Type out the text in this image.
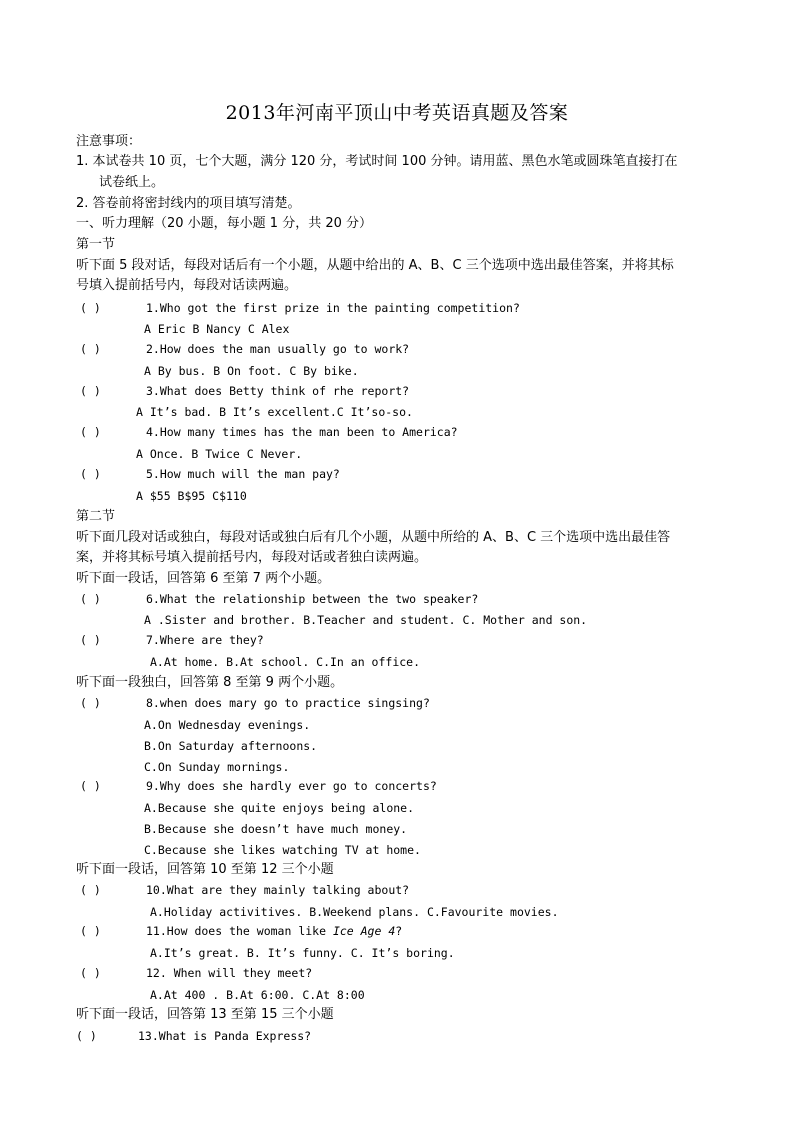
2013年河南平顶山中考英语真题及答案
注意事项：
1. 本试卷共 10 页，七个大题，满分 120 分，考试时间 100 分钟。请用蓝、黑色水笔或圆珠笔直接打在
试卷纸上。
2. 答卷前将密封线内的项目填写清楚。
一、听力理解（20 小题，每小题 1 分，共 20 分）
第一节
听下面 5 段对话，每段对话后有一个小题，从题中给出的 A、B、C 三个选项中选出最佳答案，并将其标
号填入提前括号内，每段对话读两遍。
( )	1.Who got the first prize in the painting competition?
A Eric B Nancy C Alex
( )	2.How does the man usually go to work?
A By bus. B On foot. C By bike.
( )	3.What does Betty think of rhe report?
A It’s bad. B It’s excellent.C It’so-so.
( )	4.How many times has the man been to America?
A Once. B Twice C Never.
( )	5.How much will the man pay?
A $55 B$95 C$110
第二节
听下面几段对话或独白，每段对话或独白后有几个小题，从题中所给的 A、B、C 三个选项中选出最佳答
案，并将其标号填入提前括号内，每段对话或者独白读两遍。
听下面一段话，回答第 6 至第 7 两个小题。
( )	6.What the relationship between the two speaker?
A .Sister and brother. B.Teacher and student. C. Mother and son.
( )	7.Where are they?
A.At home. B.At school. C.In an office.
听下面一段独白，回答第 8 至第 9 两个小题。
( )	8.when does mary go to practice singsing?
A.On Wednesday evenings.
B.On Saturday afternoons.
C.On Sunday mornings.
( )	9.Why does she hardly ever go to concerts?
A.Because she quite enjoys being alone.
B.Because she doesn’t have much money.
C.Because she likes watching TV at home.
听下面一段话，回答第 10 至第 12 三个小题
( )	10.What are they mainly talking about?
A.Holiday activitives. B.Weekend plans. C.Favourite movies.
( )	11.How does the woman like Ice Age 4?
A.It’s great. B. It’s funny. C. It’s boring.
( )	12. When will they meet?
A.At 400 . B.At 6:00. C.At 8:00
听下面一段话，回答第 13 至第 15 三个小题
( )	13.What is Panda Express?
